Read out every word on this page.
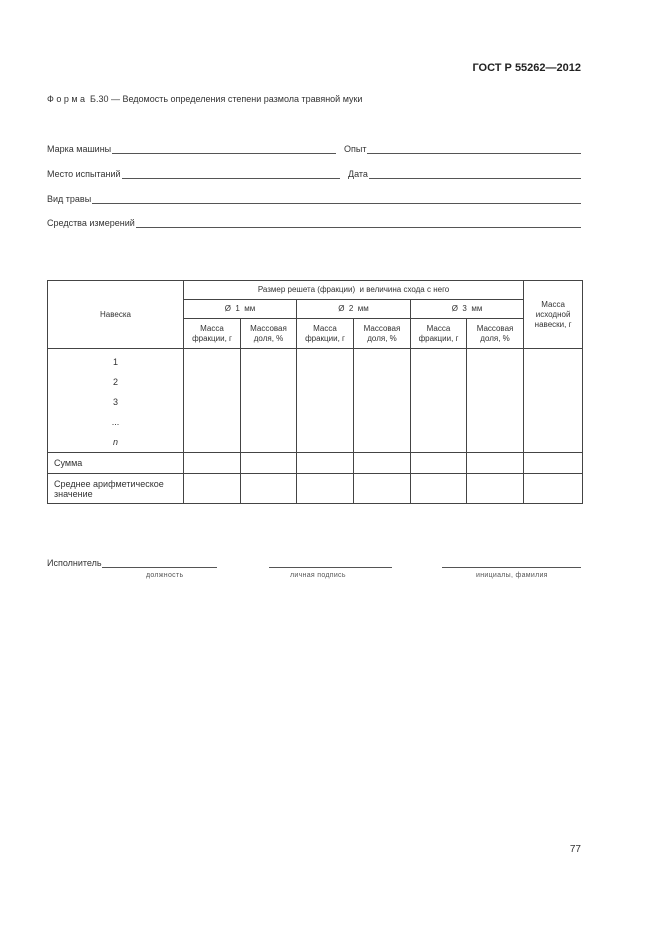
ГОСТ Р 55262—2012
Ф о р м а  Б.30 — Ведомость определения степени размола травяной муки
Марка машины	Опыт
Место испытаний	Дата
Вид травы
Средства измерений
Навеска	Размер решета (фракции)  и величина схода с него						Масса исходной навески, г
	Ø  1  мм		Ø  2  мм		Ø  3  мм		
	Масса фракции, г	Массовая доля, %	Масса фракции, г	Массовая доля, %	Масса фракции, г	Массовая доля, %	

1
2
3
...
n							

Сумма							
Среднее арифметическое значение							
Исполнитель
должность	личная подпись	инициалы, фамилия
77
